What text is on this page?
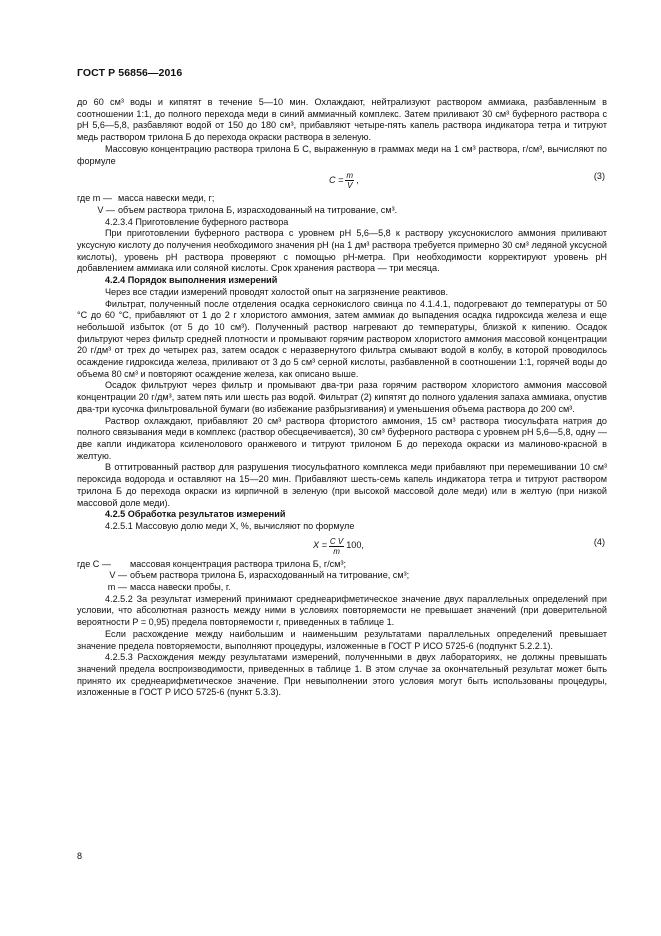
ГОСТ Р 56856—2016

до 60 см³ воды и кипятят в течение 5—10 мин. Охлаждают, нейтрализуют раствором аммиака, разбавленным в соотношении 1:1, до полного перехода меди в синий аммиачный комплекс. Затем приливают 30 см³ буферного раствора с pH 5,6—5,8, разбавляют водой от 150 до 180 см³, прибавляют четыре-пять капель раствора индикатора тетра и титруют медь раствором трилона Б до перехода окраски раствора в зеленую.

Массовую концентрацию раствора трилона Б C, выраженную в граммах меди на 1 см³ раствора, г/см³, вычисляют по формуле

$C = \frac{m}{V}$ ,	(3)
где m — масса навески меди, г;
V — объем раствора трилона Б, израсходованный на титрование, см³.

4.2.3.4 Приготовление буферного раствора

При приготовлении буферного раствора с уровнем pH 5,6—5,8 к раствору уксуснокислого аммония приливают уксусную кислоту до получения необходимого значения pH (на 1 дм³ раствора требуется примерно 30 см³ ледяной уксусной кислоты), уровень pH раствора проверяют с помощью pH-метра. При необходимости корректируют уровень pH добавлением аммиака или соляной кислоты. Срок хранения раствора — три месяца.

4.2.4 Порядок выполнения измерений

Через все стадии измерений проводят холостой опыт на загрязнение реактивов.

Фильтрат, полученный после отделения осадка сернокислого свинца по 4.1.4.1, подогревают до температуры от 50 °C до 60 °C, прибавляют от 1 до 2 г хлористого аммония, затем аммиак до выпадения осадка гидроксида железа и еще небольшой избыток (от 5 до 10 см³). Полученный раствор нагревают до температуры, близкой к кипению. Осадок фильтруют через фильтр средней плотности и промывают горячим раствором хлористого аммония массовой концентрации 20 г/дм³ от трех до четырех раз, затем осадок с неразвернутого фильтра смывают водой в колбу, в которой проводилось осаждение гидроксида железа, приливают от 3 до 5 см³ серной кислоты, разбавленной в соотношении 1:1, горячей воды до объема 80 см³ и повторяют осаждение железа, как описано выше.

Осадок фильтруют через фильтр и промывают два-три раза горячим раствором хлористого аммония массовой концентрации 20 г/дм³, затем пять или шесть раз водой. Фильтрат (2) кипятят до полного удаления запаха аммиака, опустив два-три кусочка фильтровальной бумаги (во избежание разбрызгивания) и уменьшения объема раствора до 200 см³.

Раствор охлаждают, прибавляют 20 см³ раствора фтористого аммония, 15 см³ раствора тиосульфата натрия до полного связывания меди в комплекс (раствор обесцвечивается), 30 см³ буферного раствора с уровнем pH 5,6—5,8, одну — две капли индикатора ксиленолового оранжевого и титруют трилоном Б до перехода окраски из малиново-красной в желтую.

В оттитрованный раствор для разрушения тиосульфатного комплекса меди прибавляют при перемешивании 10 см³ пероксида водорода и оставляют на 15—20 мин. Прибавляют шесть-семь капель индикатора тетра и титруют раствором трилона Б до перехода окраски из кирпичной в зеленую (при высокой массовой доле меди) или в желтую (при низкой массовой доле меди).

4.2.5 Обработка результатов измерений

4.2.5.1 Массовую долю меди X, %, вычисляют по формуле

$X = \frac{\text{C V}}{m} 100$,	(4)
где C —	массовая концентрация раствора трилона Б, г/см³;
V — объем раствора трилона Б, израсходованный на титрование, см³;
m — масса навески пробы, г.

4.2.5.2 За результат измерений принимают среднеарифметическое значение двух параллельных определений при условии, что абсолютная разность между ними в условиях повторяемости не превышает значений (при доверительной вероятности P = 0,95) предела повторяемости r, приведенных в таблице 1.

Если расхождение между наибольшим и наименьшим результатами параллельных определений превышает значение предела повторяемости, выполняют процедуры, изложенные в ГОСТ Р ИСО 5725-6 (подпункт 5.2.2.1).

4.2.5.3 Расхождения между результатами измерений, полученными в двух лабораториях, не должны превышать значений предела воспроизводимости, приведенных в таблице 1. В этом случае за окончательный результат может быть принято их среднеарифметическое значение. При невыполнении этого условия могут быть использованы процедуры, изложенные в ГОСТ Р ИСО 5725-6 (пункт 5.3.3).

8
